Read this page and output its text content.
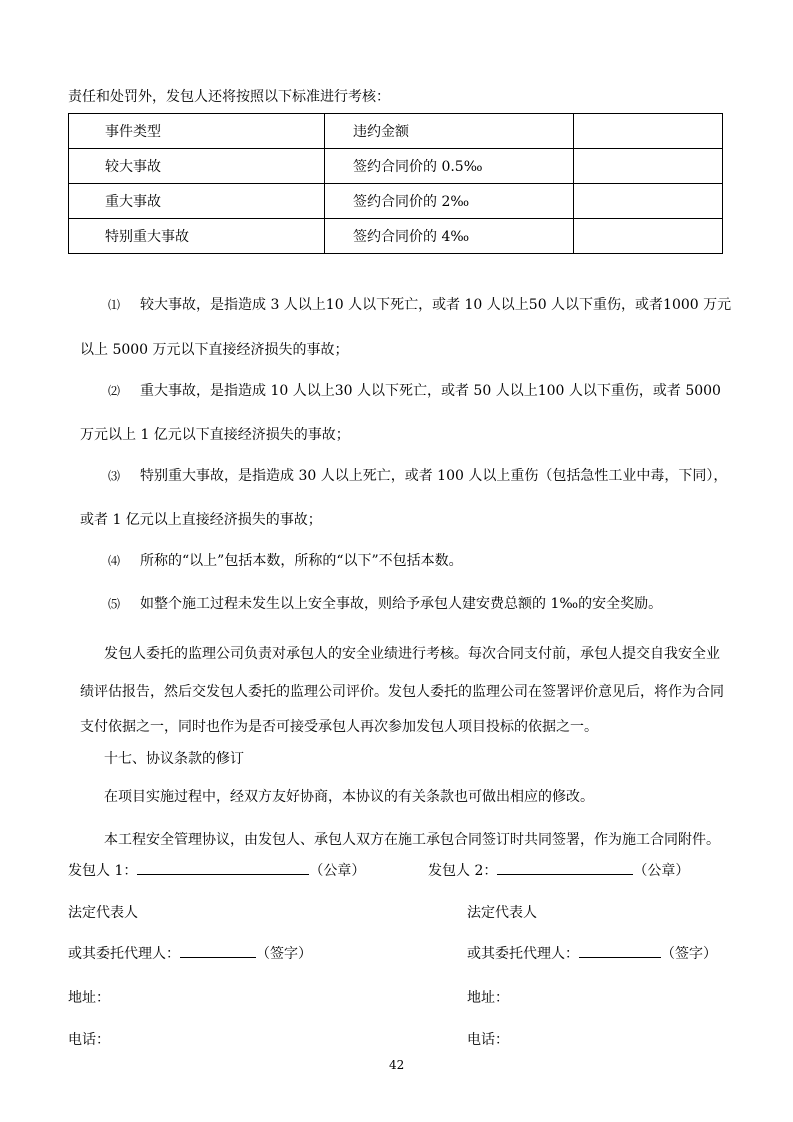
责任和处罚外，发包人还将按照以下标准进行考核：
事件类型	违约金额	
较大事故	签约合同价的 0.5‰	
重大事故	签约合同价的 2‰	
特别重大事故	签约合同价的 4‰	
⑴ 较大事故，是指造成 3 人以上10 人以下死亡，或者 10 人以上50 人以下重伤，或者1000 万元
以上 5000 万元以下直接经济损失的事故；
⑵ 重大事故，是指造成 10 人以上30 人以下死亡，或者 50 人以上100 人以下重伤，或者 5000
万元以上 1 亿元以下直接经济损失的事故；
⑶ 特别重大事故，是指造成 30 人以上死亡，或者 100 人以上重伤（包括急性工业中毒，下同），
或者 1 亿元以上直接经济损失的事故；
⑷ 所称的“以上”包括本数，所称的“以下”不包括本数。
⑸ 如整个施工过程未发生以上安全事故，则给予承包人建安费总额的 1‰的安全奖励。
发包人委托的监理公司负责对承包人的安全业绩进行考核。每次合同支付前，承包人提交自我安全业
绩评估报告，然后交发包人委托的监理公司评价。发包人委托的监理公司在签署评价意见后，将作为合同
支付依据之一，同时也作为是否可接受承包人再次参加发包人项目投标的依据之一。
十七、协议条款的修订
在项目实施过程中，经双方友好协商，本协议的有关条款也可做出相应的修改。
本工程安全管理协议，由发包人、承包人双方在施工承包合同签订时共同签署，作为施工合同附件。
发包人 1：	（公章）
法定代表人
或其委托代理人：	（签字）
地址：
电话：
发包人 2：	（公章）
法定代表人
或其委托代理人：	（签字）
地址：
电话：
42
